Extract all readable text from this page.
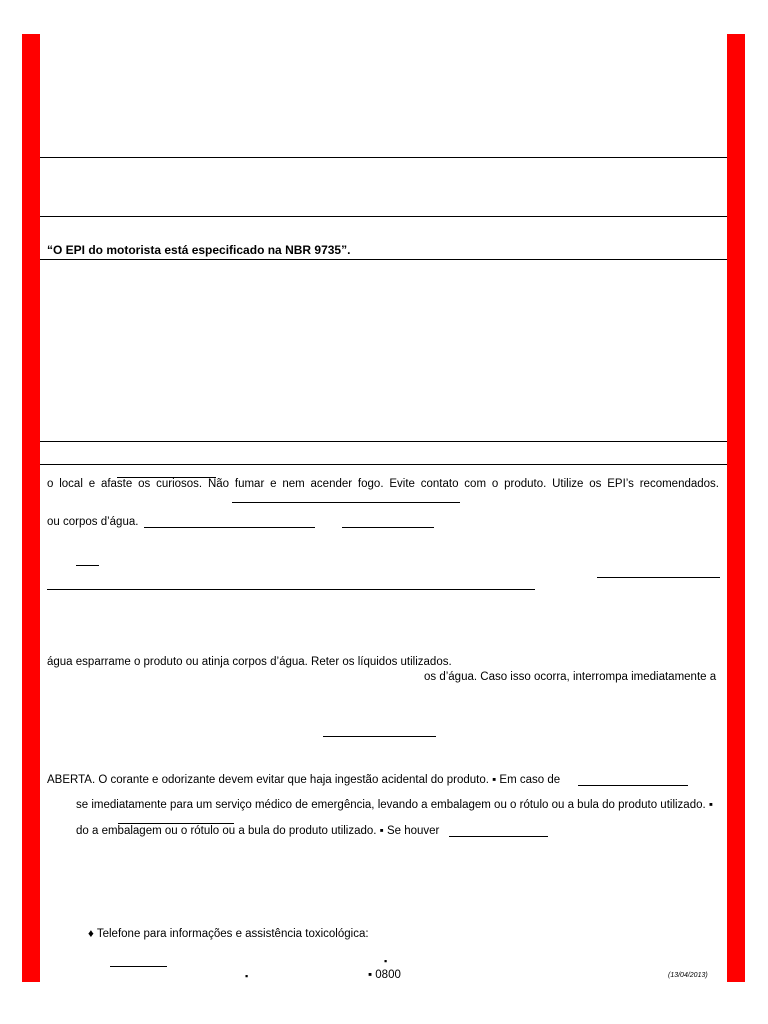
“O EPI do motorista está especificado na NBR 9735”.
o local e afaste os curiosos. Não fumar e nem acender fogo. Evite contato com o produto. Utilize os EPI’s recomendados.
ou corpos d’água.
água esparrame o produto ou atinja corpos d’água. Reter os líquidos utilizados.
os d’água. Caso isso ocorra, interrompa imediatamente a
ABERTA. O corante e odorizante devem evitar que haja ingestão acidental do produto. ▪ Em caso de
se imediatamente para um serviço médico de emergência, levando a embalagem ou o rótulo ou a bula do produto utilizado. ▪
do a embalagem ou o rótulo ou a bula do produto utilizado. ▪ Se houver
♦ Telefone para informações e assistência toxicológica:
▪
▪	▪ 0800	(13/04/2013)
